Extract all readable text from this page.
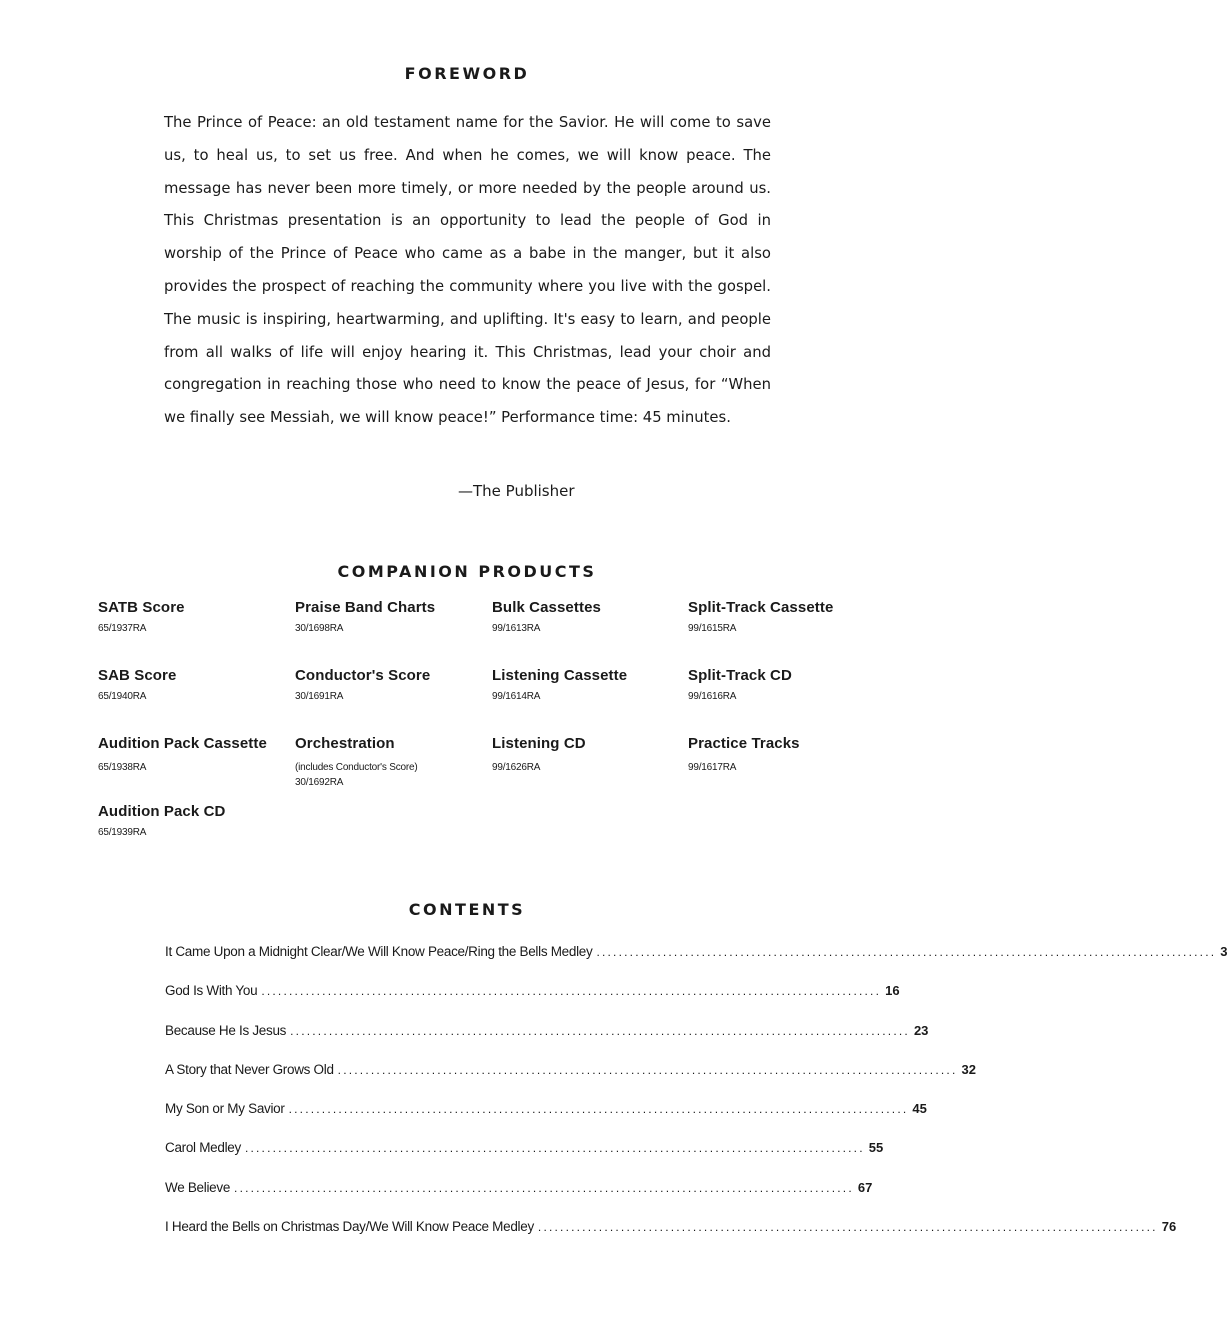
FOREWORD

The Prince of Peace: an old testament name for the Savior. He will come to save us, to heal us, to set us free. And when he comes, we will know peace. The message has never been more timely, or more needed by the people around us. This Christmas presentation is an opportunity to lead the people of God in worship of the Prince of Peace who came as a babe in the manger, but it also provides the prospect of reaching the community where you live with the gospel. The music is inspiring, heartwarming, and uplifting. It's easy to learn, and people from all walks of life will enjoy hearing it. This Christmas, lead your choir and congregation in reaching those who need to know the peace of Jesus, for “When we finally see Messiah, we will know peace!” Performance time: 45 minutes.

—The Publisher
COMPANION PRODUCTS
SATB Score
65/1937RA
Praise Band Charts
30/1698RA
Bulk Cassettes
99/1613RA
Split-Track Cassette
99/1615RA
SAB Score
65/1940RA
Conductor's Score
30/1691RA
Listening Cassette
99/1614RA
Split-Track CD
99/1616RA
Audition Pack Cassette
65/1938RA
Orchestration
(includes Conductor's Score)
30/1692RA
Listening CD
99/1626RA
Practice Tracks
99/1617RA
Audition Pack CD
65/1939RA
CONTENTS
It Came Upon a Midnight Clear/We Will Know Peace/Ring the Bells Medley ................................................................................................................ 3
God Is With You ................................................................................................................ 16
Because He Is Jesus ................................................................................................................ 23
A Story that Never Grows Old ................................................................................................................ 32
My Son or My Savior ................................................................................................................ 45
Carol Medley ................................................................................................................ 55
We Believe ................................................................................................................ 67
I Heard the Bells on Christmas Day/We Will Know Peace Medley ................................................................................................................ 76
